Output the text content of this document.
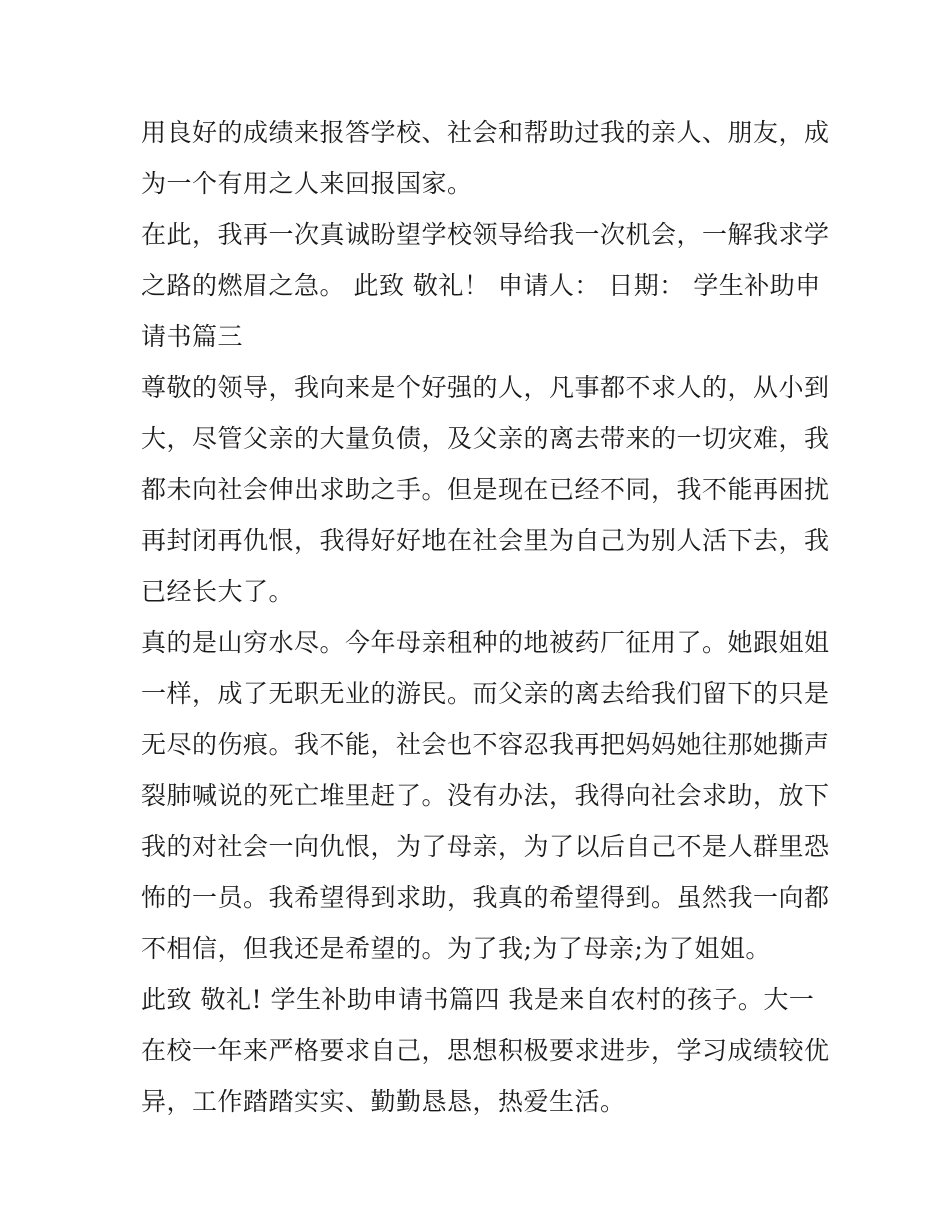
用良好的成绩来报答学校、社会和帮助过我的亲人、朋友，成
为一个有用之人来回报国家。
在此，我再一次真诚盼望学校领导给我一次机会，一解我求学
之路的燃眉之急。 此致 敬礼！ 申请人： 日期： 学生补助申
请书篇三
尊敬的领导，我向来是个好强的人，凡事都不求人的，从小到
大，尽管父亲的大量负债，及父亲的离去带来的一切灾难，我
都未向社会伸出求助之手。但是现在已经不同，我不能再困扰
再封闭再仇恨，我得好好地在社会里为自己为别人活下去，我
已经长大了。
真的是山穷水尽。今年母亲租种的地被药厂征用了。她跟姐姐
一样，成了无职无业的游民。而父亲的离去给我们留下的只是
无尽的伤痕。我不能，社会也不容忍我再把妈妈她往那她撕声
裂肺喊说的死亡堆里赶了。没有办法，我得向社会求助，放下
我的对社会一向仇恨，为了母亲，为了以后自己不是人群里恐
怖的一员。我希望得到求助，我真的希望得到。虽然我一向都
不相信，但我还是希望的。为了我;为了母亲;为了姐姐。
此致 敬礼! 学生补助申请书篇四 我是来自农村的孩子。大一
在校一年来严格要求自己，思想积极要求进步，学习成绩较优
异，工作踏踏实实、勤勤恳恳，热爱生活。
